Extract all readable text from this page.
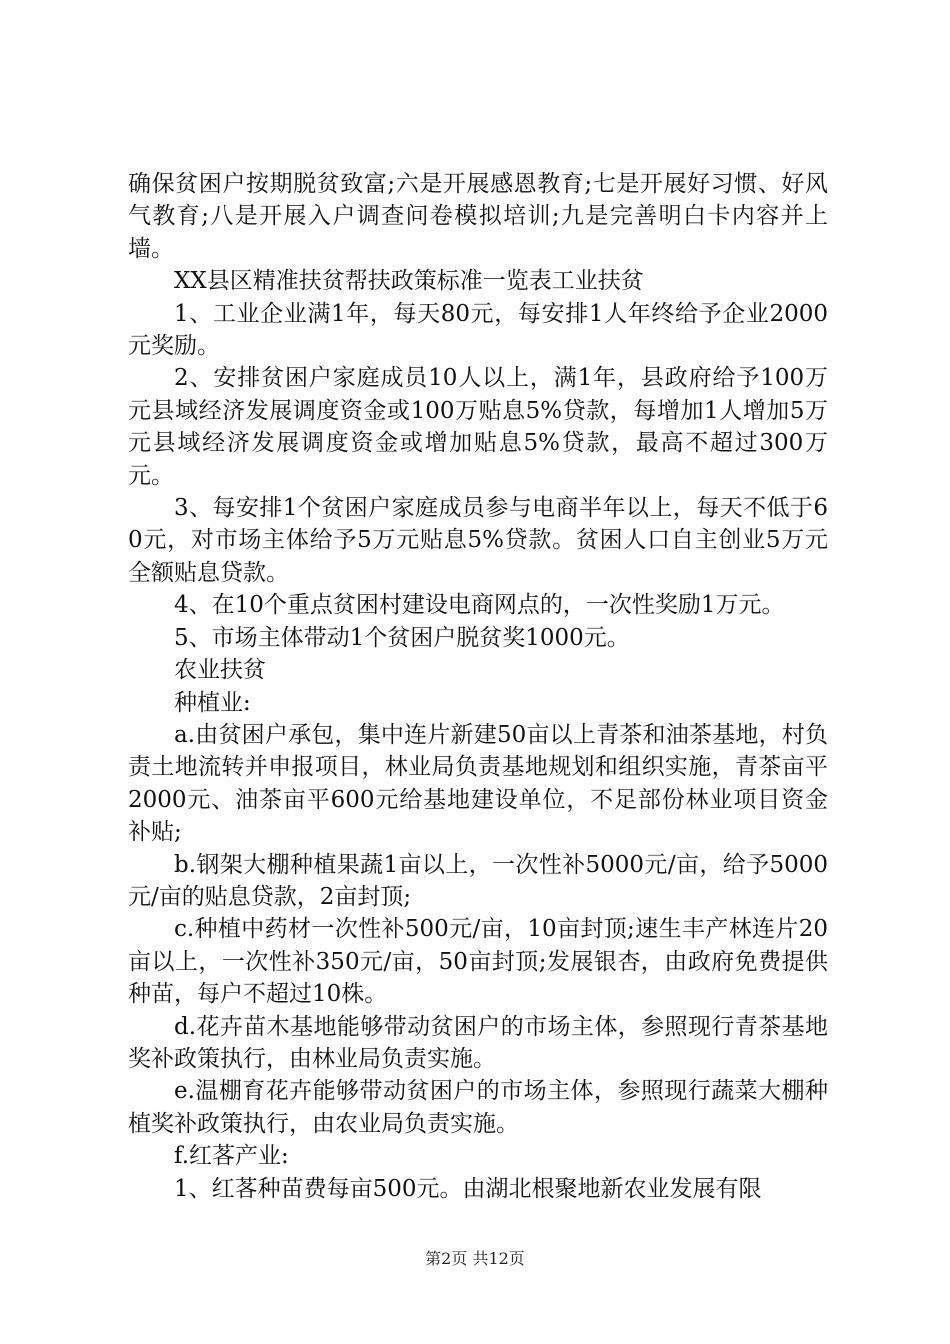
确保贫困户按期脱贫致富;六是开展感恩教育;七是开展好习惯、好风气教育;八是开展入户调查问卷模拟培训;九是完善明白卡内容并上墙。

XX县区精准扶贫帮扶政策标准一览表工业扶贫

1、工业企业满1年，每天80元，每安排1人年终给予企业2000元奖励。

2、安排贫困户家庭成员10人以上，满1年，县政府给予100万元县域经济发展调度资金或100万贴息5%贷款，每增加1人增加5万元县域经济发展调度资金或增加贴息5%贷款，最高不超过300万元。

3、每安排1个贫困户家庭成员参与电商半年以上，每天不低于60元，对市场主体给予5万元贴息5%贷款。贫困人口自主创业5万元全额贴息贷款。

4、在10个重点贫困村建设电商网点的，一次性奖励1万元。

5、市场主体带动1个贫困户脱贫奖1000元。

农业扶贫

种植业:

a.由贫困户承包，集中连片新建50亩以上青茶和油茶基地，村负责土地流转并申报项目，林业局负责基地规划和组织实施，青茶亩平2000元、油茶亩平600元给基地建设单位，不足部份林业项目资金补贴;

b.钢架大棚种植果蔬1亩以上，一次性补5000元/亩，给予5000元/亩的贴息贷款，2亩封顶;

c.种植中药材一次性补500元/亩，10亩封顶;速生丰产林连片20亩以上，一次性补350元/亩，50亩封顶;发展银杏，由政府免费提供种苗，每户不超过10株。

d.花卉苗木基地能够带动贫困户的市场主体，参照现行青茶基地奖补政策执行，由林业局负责实施。

e.温棚育花卉能够带动贫困户的市场主体，参照现行蔬菜大棚种植奖补政策执行，由农业局负责实施。

f.红茖产业:

1、红茖种苗费每亩500元。由湖北根聚地新农业发展有限

第2页 共12页
